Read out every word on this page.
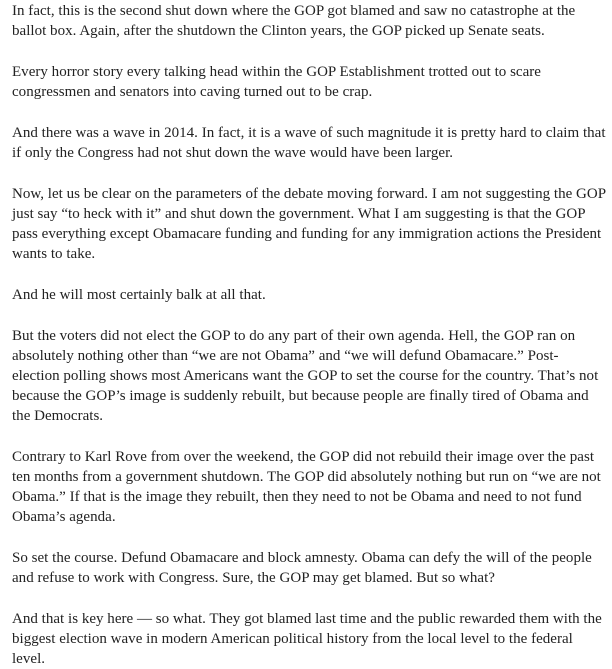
In fact, this is the second shut down where the GOP got blamed and saw no catastrophe at the ballot box. Again, after the shutdown the Clinton years, the GOP picked up Senate seats.

Every horror story every talking head within the GOP Establishment trotted out to scare congressmen and senators into caving turned out to be crap.

And there was a wave in 2014. In fact, it is a wave of such magnitude it is pretty hard to claim that if only the Congress had not shut down the wave would have been larger.

Now, let us be clear on the parameters of the debate moving forward. I am not suggesting the GOP just say “to heck with it” and shut down the government. What I am suggesting is that the GOP pass everything except Obamacare funding and funding for any immigration actions the President wants to take.

And he will most certainly balk at all that.

But the voters did not elect the GOP to do any part of their own agenda. Hell, the GOP ran on absolutely nothing other than “we are not Obama” and “we will defund Obamacare.” Post-election polling shows most Americans want the GOP to set the course for the country. That’s not because the GOP’s image is suddenly rebuilt, but because people are finally tired of Obama and the Democrats.

Contrary to Karl Rove from over the weekend, the GOP did not rebuild their image over the past ten months from a government shutdown. The GOP did absolutely nothing but run on “we are not Obama.” If that is the image they rebuilt, then they need to not be Obama and need to not fund Obama’s agenda.

So set the course. Defund Obamacare and block amnesty. Obama can defy the will of the people and refuse to work with Congress. Sure, the GOP may get blamed. But so what?

And that is key here — so what. They got blamed last time and the public rewarded them with the biggest election wave in modern American political history from the local level to the federal level.
